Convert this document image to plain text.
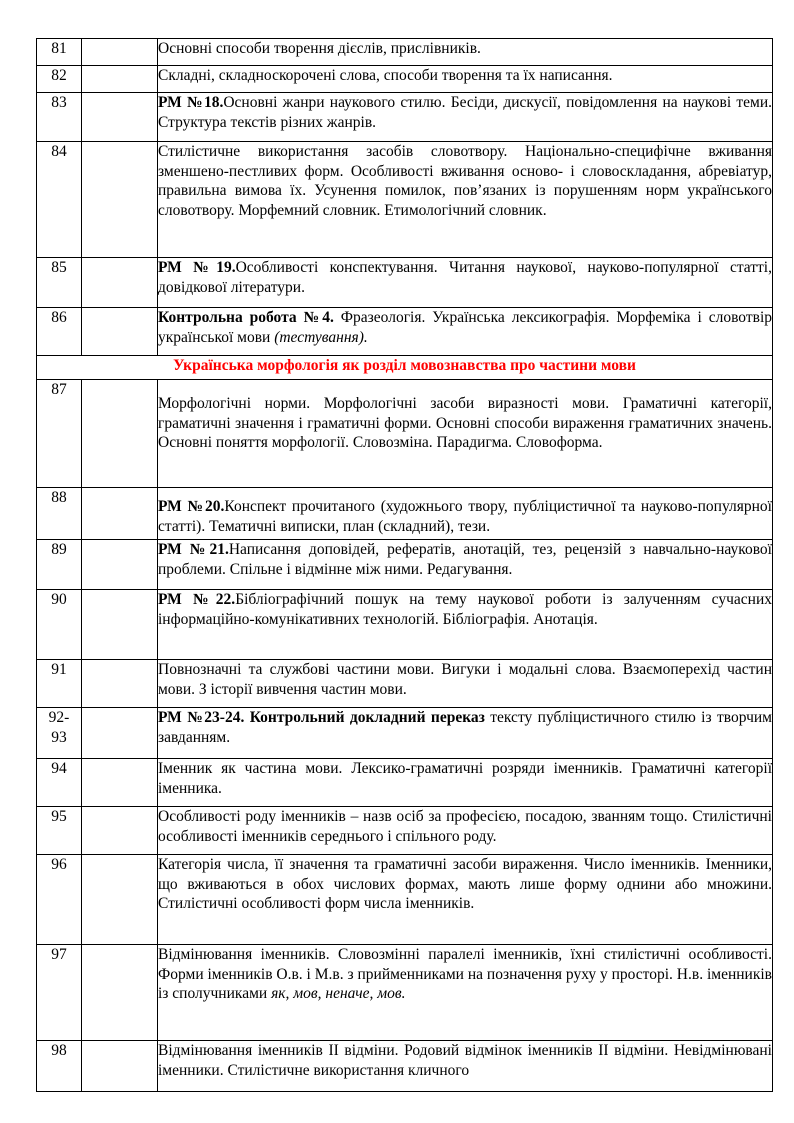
81		Основні способи творення дієслів, прислівників.
82		Складні, складноскорочені слова, способи творення та їх написання.
83		РМ №18.Основні жанри наукового стилю. Бесіди, дискусії, повідомлення на наукові теми. Структура текстів різних жанрів.
84		Стилістичне використання засобів словотвору. Національно-специфічне вживання зменшено-пестливих форм. Особливості вживання осново- і словоскладання, абревіатур, правильна вимова їх. Усунення помилок, пов’язаних із порушенням норм українського словотвору. Морфемний словник. Етимологічний словник.
85		РМ №19.Особливості конспектування. Читання наукової, науково-популярної статті, довідкової літератури.
86		Контрольна робота №4. Фразеологія. Українська лексикографія. Морфеміка і словотвір української мови (тестування).
Українська морфологія як розділ мовознавства про частини мови		
87		Морфологічні норми. Морфологічні засоби виразності мови. Граматичні категорії, граматичні значення і граматичні форми. Основні способи вираження граматичних значень. Основні поняття морфології. Словозміна. Парадигма. Словоформа.
88		РМ №20.Конспект прочитаного (художнього твору, публіцистичної та науково-популярної статті). Тематичні виписки, план (складний), тези.
89		РМ №21.Написання доповідей, рефератів, анотацій, тез, рецензій з навчально-наукової проблеми. Спільне і відмінне між ними. Редагування.
90		РМ №22.Бібліографічний пошук на тему наукової роботи із залученням сучасних інформаційно-комунікативних технологій. Бібліографія. Анотація.
91		Повнозначні та службові частини мови. Вигуки і модальні слова. Взаємоперехід частин мови. З історії вивчення частин мови.
92-93		РМ №23-24. Контрольний докладний переказ тексту публіцистичного стилю із творчим завданням.
94		Іменник як частина мови. Лексико-граматичні розряди іменників. Граматичні категорії іменника.
95		Особливості роду іменників – назв осіб за професією, посадою, званням тощо. Стилістичні особливості іменників середнього і спільного роду.
96		Категорія числа, її значення та граматичні засоби вираження. Число іменників. Іменники, що вживаються в обох числових формах, мають лише форму однини або множини. Стилістичні особливості форм числа іменників.
97		Відмінювання іменників. Словозмінні паралелі іменників, їхні стилістичні особливості. Форми іменників О.в. і М.в. з прийменниками на позначення руху у просторі. Н.в. іменників із сполучниками як, мов, неначе, мов.
98		Відмінювання іменників ІІ відміни. Родовий відмінок іменників ІІ відміни. Невідмінювані іменники. Стилістичне використання кличного
